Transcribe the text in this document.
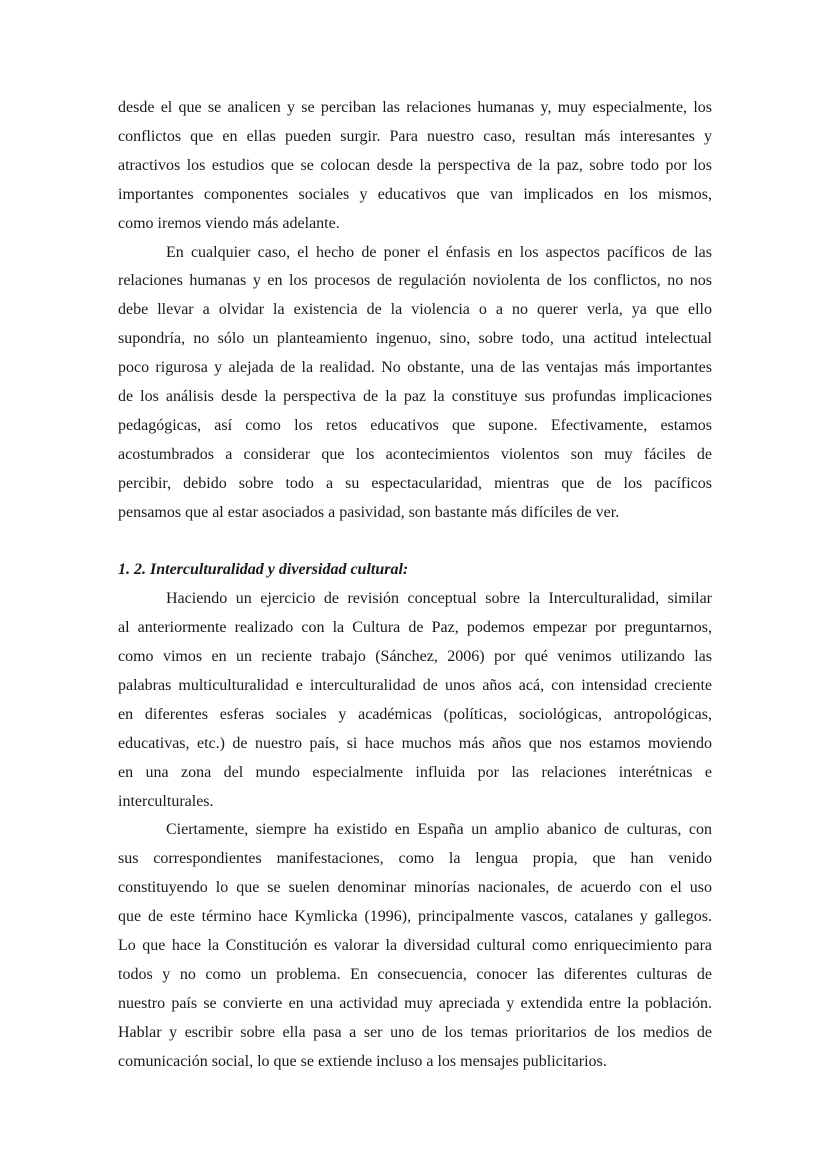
desde el que se analicen y se perciban las relaciones humanas y, muy especialmente, los
conflictos que en ellas pueden surgir. Para nuestro caso, resultan más interesantes y
atractivos los estudios que se colocan desde la perspectiva de la paz, sobre todo por los
importantes componentes sociales y educativos que van implicados en los mismos,
como iremos viendo más adelante.
En cualquier caso, el hecho de poner el énfasis en los aspectos pacíficos de las
relaciones humanas y en los procesos de regulación noviolenta de los conflictos, no nos
debe llevar a olvidar la existencia de la violencia o a no querer verla, ya que ello
supondría, no sólo un planteamiento ingenuo, sino, sobre todo, una actitud intelectual
poco rigurosa y alejada de la realidad. No obstante, una de las ventajas más importantes
de los análisis desde la perspectiva de la paz la constituye sus profundas implicaciones
pedagógicas, así como los retos educativos que supone. Efectivamente, estamos
acostumbrados a considerar que los acontecimientos violentos son muy fáciles de
percibir, debido sobre todo a su espectacularidad, mientras que de los pacíficos
pensamos que al estar asociados a pasividad, son bastante más difíciles de ver.
1. 2. Interculturalidad y diversidad cultural:
Haciendo un ejercicio de revisión conceptual sobre la Interculturalidad, similar
al anteriormente realizado con la Cultura de Paz, podemos empezar por preguntarnos,
como vimos en un reciente trabajo (Sánchez, 2006) por qué venimos utilizando las
palabras multiculturalidad e interculturalidad de unos años acá, con intensidad creciente
en diferentes esferas sociales y académicas (políticas, sociológicas, antropológicas,
educativas, etc.) de nuestro país, si hace muchos más años que nos estamos moviendo
en una zona del mundo especialmente influida por las relaciones interétnicas e
interculturales.
Ciertamente, siempre ha existido en España un amplio abanico de culturas, con
sus correspondientes manifestaciones, como la lengua propia, que han venido
constituyendo lo que se suelen denominar minorías nacionales, de acuerdo con el uso
que de este término hace Kymlicka (1996), principalmente vascos, catalanes y gallegos.
Lo que hace la Constitución es valorar la diversidad cultural como enriquecimiento para
todos y no como un problema. En consecuencia, conocer las diferentes culturas de
nuestro país se convierte en una actividad muy apreciada y extendida entre la población.
Hablar y escribir sobre ella pasa a ser uno de los temas prioritarios de los medios de
comunicación social, lo que se extiende incluso a los mensajes publicitarios.
